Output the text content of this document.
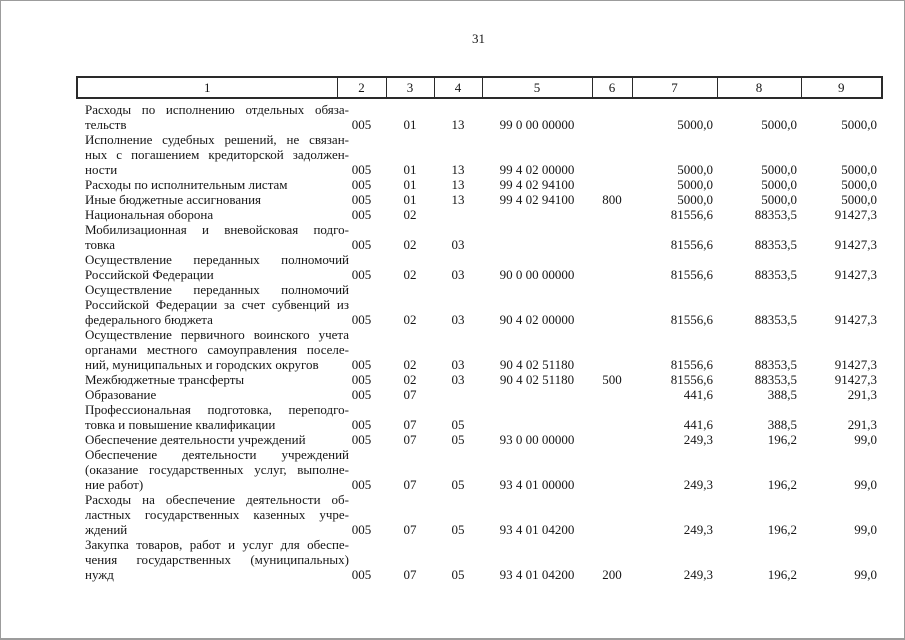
31
1	2	3	4	5	6	7	8	9

Расходы по исполнению отдельных обяза-
тельств	005	01	13	99 0 00 00000		5000,0	5000,0	5000,0

Исполнение судебных решений, не связан-
ных с погашением кредиторской задолжен-
ности	005	01	13	99 4 02 00000		5000,0	5000,0	5000,0

Расходы по исполнительным листам	005	01	13	99 4 02 94100		5000,0	5000,0	5000,0

Иные бюджетные ассигнования	005	01	13	99 4 02 94100	800	5000,0	5000,0	5000,0

Национальная оборона	005	02				81556,6	88353,5	91427,3

Мобилизационная и вневойсковая подго-
товка	005	02	03			81556,6	88353,5	91427,3

Осуществление переданных полномочий
Российской Федерации	005	02	03	90 0 00 00000		81556,6	88353,5	91427,3

Осуществление переданных полномочий
Российской Федерации за счет субвенций из
федерального бюджета	005	02	03	90 4 02 00000		81556,6	88353,5	91427,3

Осуществление первичного воинского учета
органами местного самоуправления поселе-
ний, муниципальных и городских округов	005	02	03	90 4 02 51180		81556,6	88353,5	91427,3

Межбюджетные трансферты	005	02	03	90 4 02 51180	500	81556,6	88353,5	91427,3

Образование	005	07				441,6	388,5	291,3

Профессиональная подготовка, переподго-
товка и повышение квалификации	005	07	05			441,6	388,5	291,3

Обеспечение деятельности учреждений	005	07	05	93 0 00 00000		249,3	196,2	99,0

Обеспечение деятельности учреждений
(оказание государственных услуг, выполне-
ние работ)	005	07	05	93 4 01 00000		249,3	196,2	99,0

Расходы на обеспечение деятельности об-
ластных государственных казенных учре-
ждений	005	07	05	93 4 01 04200		249,3	196,2	99,0

Закупка товаров, работ и услуг для обеспе-
чения государственных (муниципальных)
нужд	005	07	05	93 4 01 04200	200	249,3	196,2	99,0
